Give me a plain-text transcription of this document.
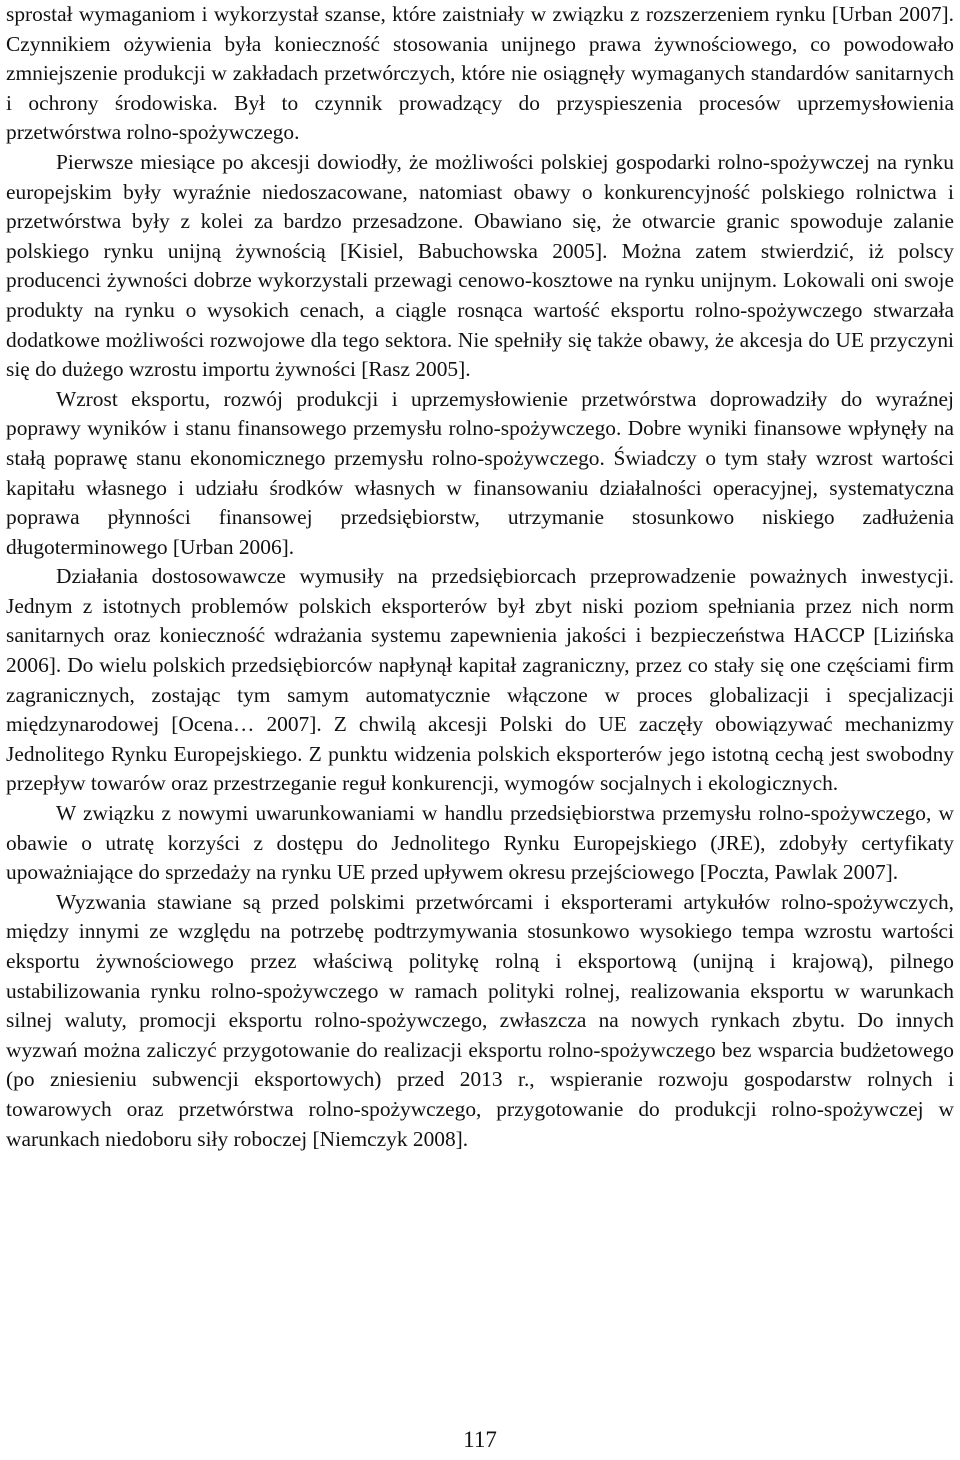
sprostał wymaganiom i wykorzystał szanse, które zaistniały w związku z rozszerzeniem rynku [Urban 2007]. Czynnikiem ożywienia była konieczność stosowania unijnego prawa żywnościowego, co powodowało zmniejszenie produkcji w zakładach przetwórczych, które nie osiągnęły wymaganych standardów sanitarnych i ochrony środowiska. Był to czynnik prowadzący do przyspieszenia procesów uprzemysłowienia przetwórstwa rolno-spożywczego.

Pierwsze miesiące po akcesji dowiodły, że możliwości polskiej gospodarki rolno-spożywczej na rynku europejskim były wyraźnie niedoszacowane, natomiast obawy o konkurencyjność polskiego rolnictwa i przetwórstwa były z kolei za bardzo przesadzone. Obawiano się, że otwarcie granic spowoduje zalanie polskiego rynku unijną żywnością [Kisiel, Babuchowska 2005]. Można zatem stwierdzić, iż polscy producenci żywności dobrze wykorzystali przewagi cenowo-kosztowe na rynku unijnym. Lokowali oni swoje produkty na rynku o wysokich cenach, a ciągle rosnąca wartość eksportu rolno-spożywczego stwarzała dodatkowe możliwości rozwojowe dla tego sektora. Nie spełniły się także obawy, że akcesja do UE przyczyni się do dużego wzrostu importu żywności [Rasz 2005].

Wzrost eksportu, rozwój produkcji i uprzemysłowienie przetwórstwa doprowadziły do wyraźnej poprawy wyników i stanu finansowego przemysłu rolno-spożywczego. Dobre wyniki finansowe wpłynęły na stałą poprawę stanu ekonomicznego przemysłu rolno-spożywczego. Świadczy o tym stały wzrost wartości kapitału własnego i udziału środków własnych w finansowaniu działalności operacyjnej, systematyczna poprawa płynności finansowej przedsiębiorstw, utrzymanie stosunkowo niskiego zadłużenia długoterminowego [Urban 2006].

Działania dostosowawcze wymusiły na przedsiębiorcach przeprowadzenie poważnych inwestycji. Jednym z istotnych problemów polskich eksporterów był zbyt niski poziom spełniania przez nich norm sanitarnych oraz konieczność wdrażania systemu zapewnienia jakości i bezpieczeństwa HACCP [Lizińska 2006]. Do wielu polskich przedsiębiorców napłynął kapitał zagraniczny, przez co stały się one częściami firm zagranicznych, zostając tym samym automatycznie włączone w proces globalizacji i specjalizacji międzynarodowej [Ocena… 2007]. Z chwilą akcesji Polski do UE zaczęły obowiązywać mechanizmy Jednolitego Rynku Europejskiego. Z punktu widzenia polskich eksporterów jego istotną cechą jest swobodny przepływ towarów oraz przestrzeganie reguł konkurencji, wymogów socjalnych i ekologicznych.

W związku z nowymi uwarunkowaniami w handlu przedsiębiorstwa przemysłu rolno-spożywczego, w obawie o utratę korzyści z dostępu do Jednolitego Rynku Europejskiego (JRE), zdobyły certyfikaty upoważniające do sprzedaży na rynku UE przed upływem okresu przejściowego [Poczta, Pawlak 2007].

Wyzwania stawiane są przed polskimi przetwórcami i eksporterami artykułów rolno-spożywczych, między innymi ze względu na potrzebę podtrzymywania stosunkowo wysokiego tempa wzrostu wartości eksportu żywnościowego przez właściwą politykę rolną i eksportową (unijną i krajową), pilnego ustabilizowania rynku rolno-spożywczego w ramach polityki rolnej, realizowania eksportu w warunkach silnej waluty, promocji eksportu rolno-spożywczego, zwłaszcza na nowych rynkach zbytu. Do innych wyzwań można zaliczyć przygotowanie do realizacji eksportu rolno-spożywczego bez wsparcia budżetowego (po zniesieniu subwencji eksportowych) przed 2013 r., wspieranie rozwoju gospodarstw rolnych i towarowych oraz przetwórstwa rolno-spożywczego, przygotowanie do produkcji rolno-spożywczej w warunkach niedoboru siły roboczej [Niemczyk 2008].

117
